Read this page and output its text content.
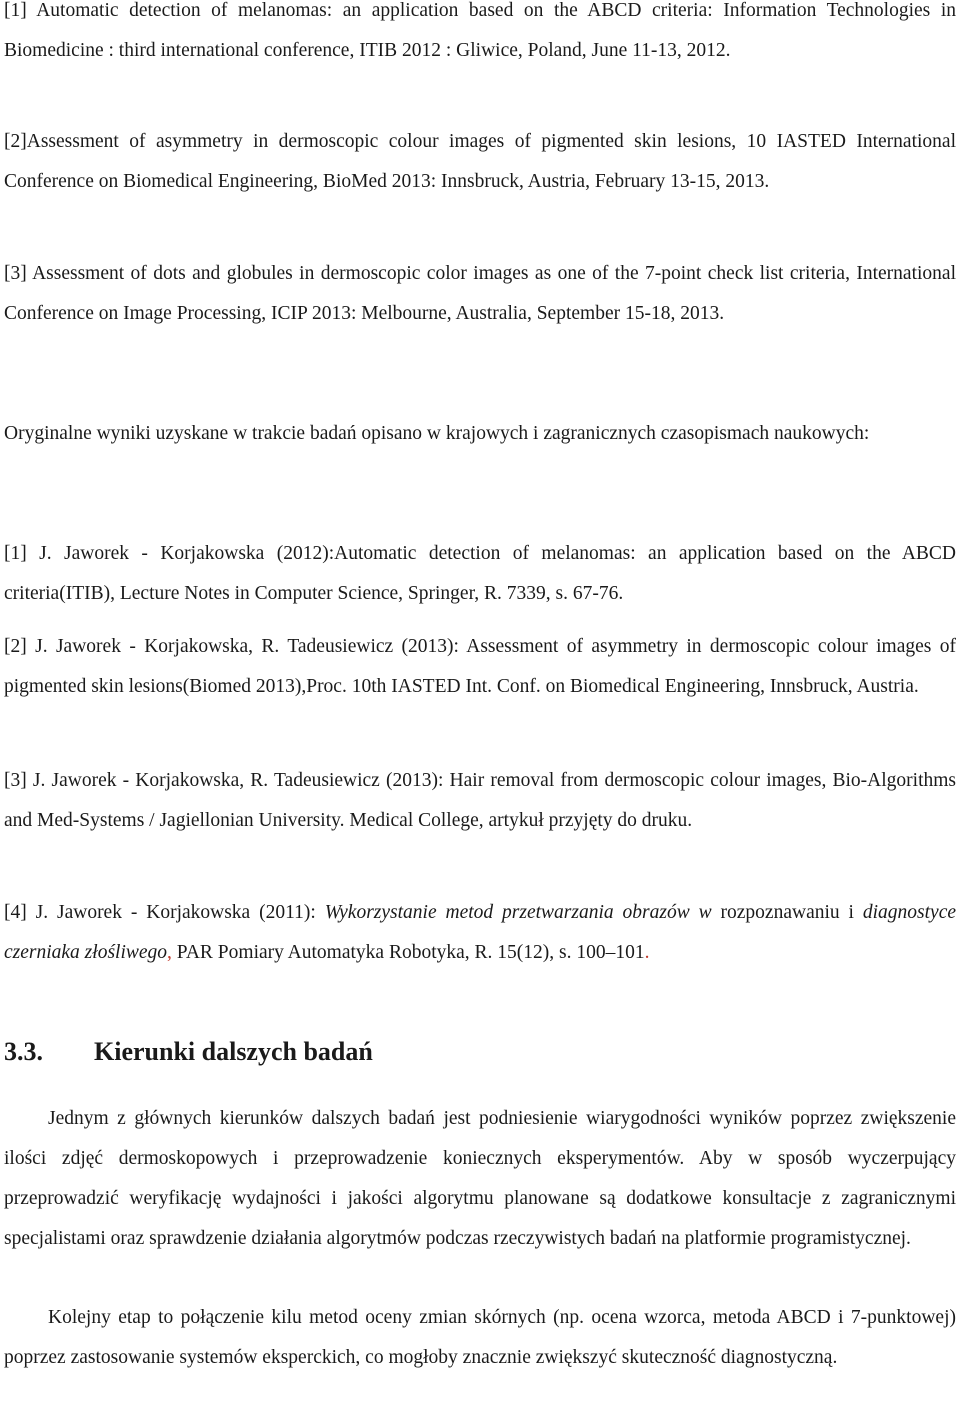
[1] Automatic detection of melanomas: an application based on the ABCD criteria: Information Technologies in Biomedicine : third international conference, ITIB 2012 : Gliwice, Poland, June 11-13, 2012.

[2]Assessment of asymmetry in dermoscopic colour images of pigmented skin lesions, 10 IASTED International Conference on Biomedical Engineering, BioMed 2013: Innsbruck, Austria, February 13-15, 2013.

[3] Assessment of dots and globules in dermoscopic color images as one of the 7-point check list criteria, International Conference on Image Processing, ICIP 2013: Melbourne, Australia, September 15-18, 2013.

Oryginalne wyniki uzyskane w trakcie badań opisano w krajowych i zagranicznych czasopismach naukowych:

[1] J. Jaworek - Korjakowska (2012):Automatic detection of melanomas: an application based on the ABCD criteria(ITIB), Lecture Notes in Computer Science, Springer, R. 7339, s. 67-76.

[2] J. Jaworek - Korjakowska, R. Tadeusiewicz (2013): Assessment of asymmetry in dermoscopic colour images of pigmented skin lesions(Biomed 2013),Proc. 10th IASTED Int. Conf. on Biomedical Engineering, Innsbruck, Austria.

[3] J. Jaworek - Korjakowska, R. Tadeusiewicz (2013): Hair removal from dermoscopic colour images, Bio-Algorithms and Med-Systems / Jagiellonian University. Medical College, artykuł przyjęty do druku.

[4] J. Jaworek - Korjakowska (2011): Wykorzystanie metod przetwarzania obrazów w rozpoznawaniu i diagnostyce czerniaka złośliwego, PAR Pomiary Automatyka Robotyka, R. 15(12), s. 100–101.

3.3. Kierunki dalszych badań

Jednym z głównych kierunków dalszych badań jest podniesienie wiarygodności wyników poprzez zwiększenie ilości zdjęć dermoskopowych i przeprowadzenie koniecznych eksperymentów. Aby w sposób wyczerpujący przeprowadzić weryfikację wydajności i jakości algorytmu planowane są dodatkowe konsultacje z zagranicznymi specjalistami oraz sprawdzenie działania algorytmów podczas rzeczywistych badań na platformie programistycznej.

Kolejny etap to połączenie kilu metod oceny zmian skórnych (np. ocena wzorca, metoda ABCD i 7-punktowej) poprzez zastosowanie systemów eksperckich, co mogłoby znacznie zwiększyć skuteczność diagnostyczną.
